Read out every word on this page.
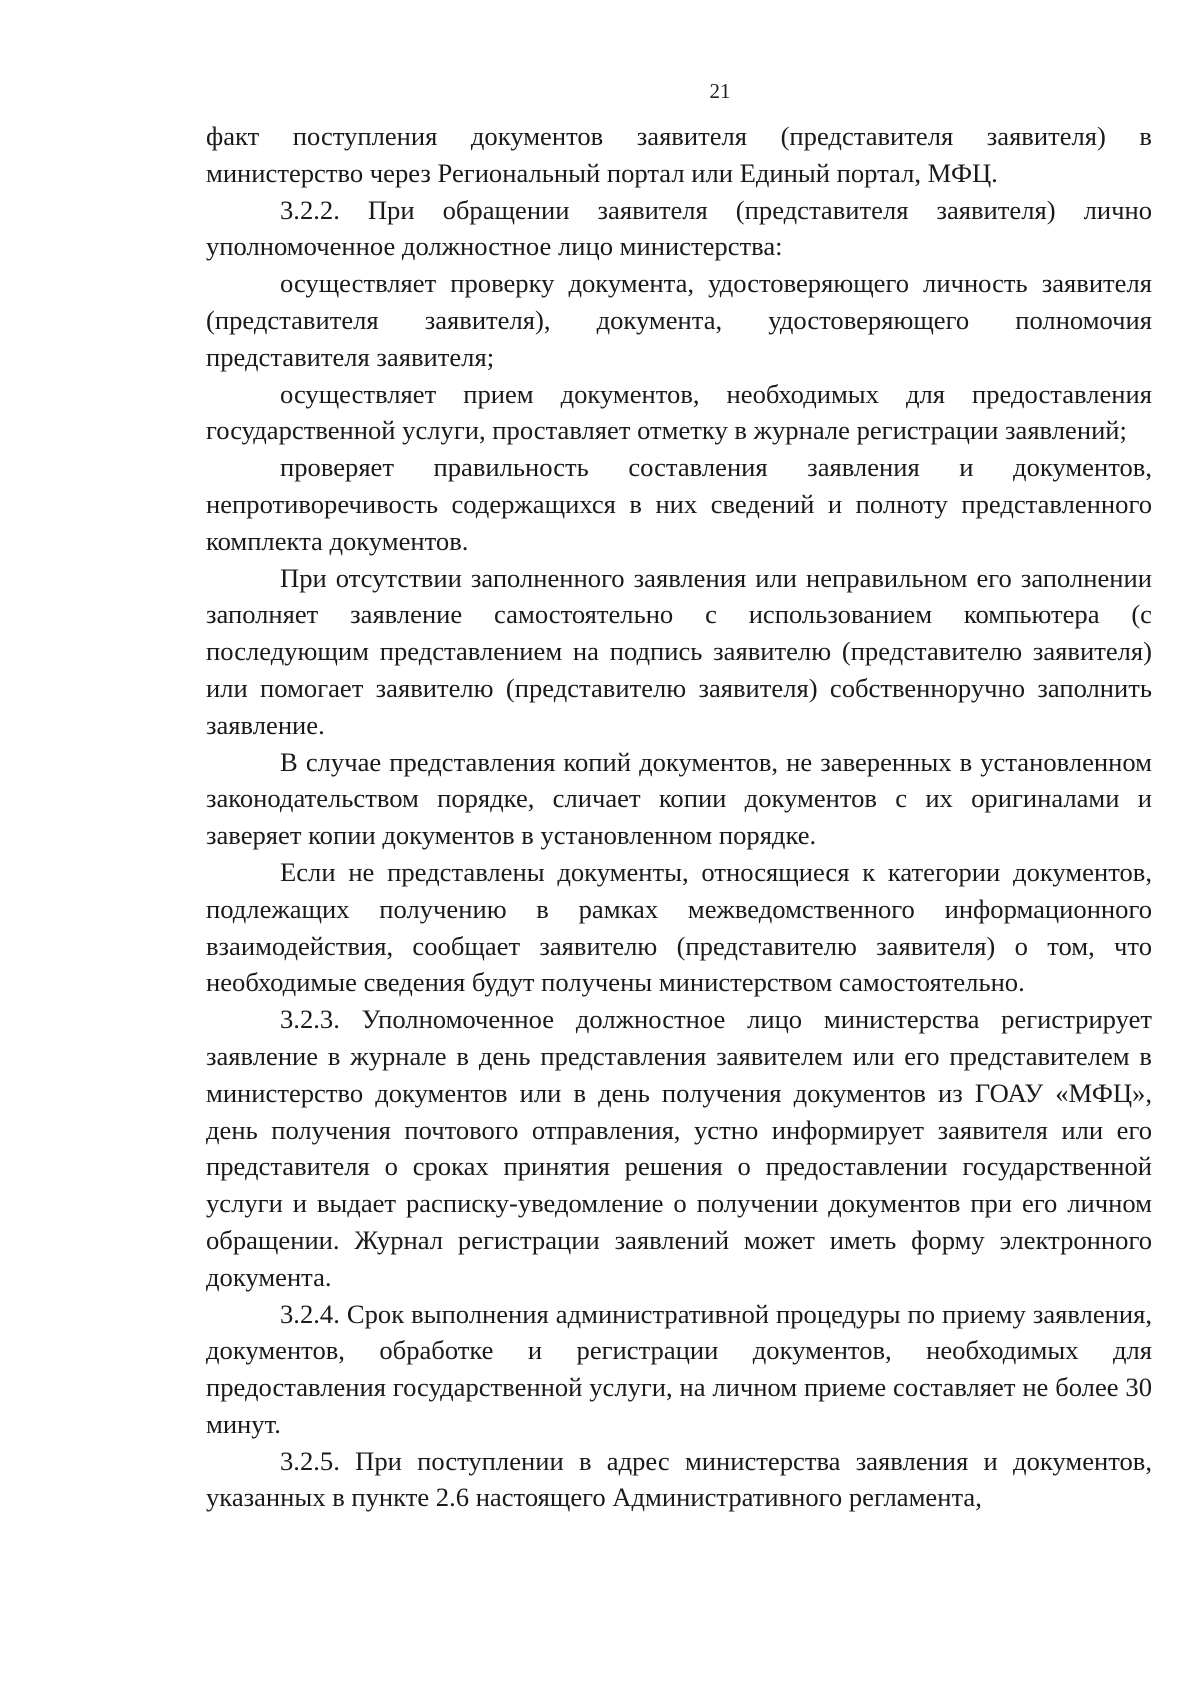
21

факт поступления документов заявителя (представителя заявителя) в министерство через Региональный портал или Единый портал, МФЦ.

3.2.2. При обращении заявителя (представителя заявителя) лично уполномоченное должностное лицо министерства:

осуществляет проверку документа, удостоверяющего личность заявителя (представителя заявителя), документа, удостоверяющего полномочия представителя заявителя;

осуществляет прием документов, необходимых для предоставления государственной услуги, проставляет отметку в журнале регистрации заявлений;

проверяет правильность составления заявления и документов, непротиворечивость содержащихся в них сведений и полноту представленного комплекта документов.

При отсутствии заполненного заявления или неправильном его заполнении заполняет заявление самостоятельно с использованием компьютера (с последующим представлением на подпись заявителю (представителю заявителя) или помогает заявителю (представителю заявителя) собственноручно заполнить заявление.

В случае представления копий документов, не заверенных в установленном законодательством порядке, сличает копии документов с их оригиналами и заверяет копии документов в установленном порядке.

Если не представлены документы, относящиеся к категории документов, подлежащих получению в рамках межведомственного информационного взаимодействия, сообщает заявителю (представителю заявителя) о том, что необходимые сведения будут получены министерством самостоятельно.

3.2.3. Уполномоченное должностное лицо министерства регистрирует заявление в журнале в день представления заявителем или его представителем в министерство документов или в день получения документов из ГОАУ «МФЦ», день получения почтового отправления, устно информирует заявителя или его представителя о сроках принятия решения о предоставлении государственной услуги и выдает расписку-уведомление о получении документов при его личном обращении. Журнал регистрации заявлений может иметь форму электронного документа.

3.2.4. Срок выполнения административной процедуры по приему заявления, документов, обработке и регистрации документов, необходимых для предоставления государственной услуги, на личном приеме составляет не более 30 минут.

3.2.5. При поступлении в адрес министерства заявления и документов, указанных в пункте 2.6 настоящего Административного регламента,
